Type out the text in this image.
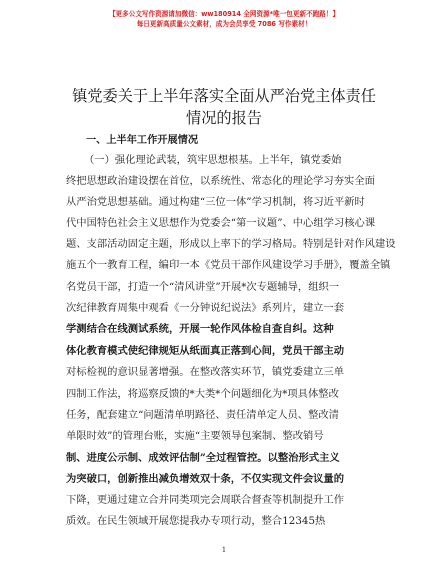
【更多公文写作资源请加微信：ww180914 全网资源*唯一包更新不跑路！】
每日更新高质量公文素材，成为会员享受 7086 写作素材！
镇党委关于上半年落实全面从严治党主体责任
情况的报告
一、上半年工作开展情况
（一）强化理论武装，筑牢思想根基。上半年，镇党委始
终把思想政治建设摆在首位，以系统性、常态化的理论学习夯实全面
从严治党思想基础。通过构建“三位一体”学习机制，将习近平新时
代中国特色社会主义思想作为党委会“第一议题”、中心组学习核心课
题、支部活动固定主题，形成以上率下的学习格局。特别是针对作风建设
施五个一教育工程，编印一本《党员干部作风建设学习手册》，覆盖全镇
名党员干部，打造一个“清风讲堂”开展*次专题辅导，组织一
次纪律教育周集中观看《一分钟说纪说法》系列片，建立一套
学测结合在线测试系统，开展一轮作风体检自查自纠。这种
体化教育模式使纪律规矩从纸面真正落到心间，党员干部主动
对标检视的意识显著增强。在整改落实环节，镇党委建立三单
四制工作法，将巡察反馈的*大类*个问题细化为*项具体整改
任务，配套建立“问题清单明路径、责任清单定人员、整改清
单限时效”的管理台账，实施“主要领导包案制、整改销号
制、进度公示制、成效评估制”全过程管控。以整治形式主义
为突破口，创新推出减负增效双十条，不仅实现文件会议量的
下降，更通过建立合并同类项完会周联合督查等机制提升工作
质效。在民生领域开展您提我办专项行动，整合12345热
1
